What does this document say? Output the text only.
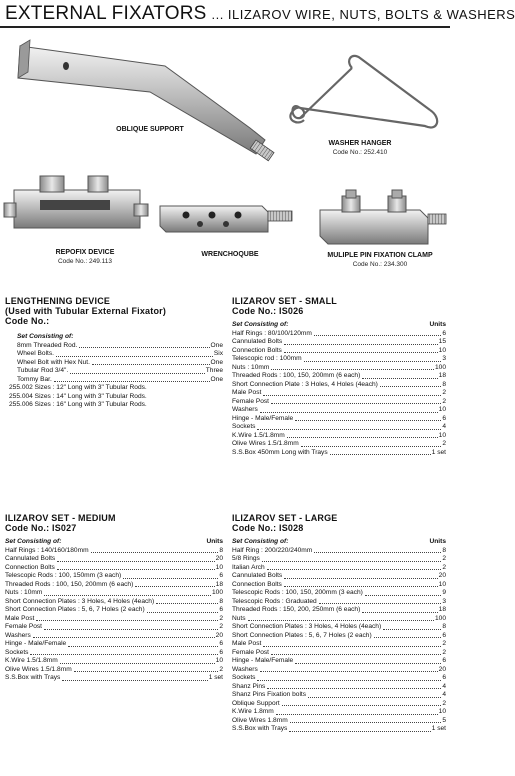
EXTERNAL FIXATORS ... ILIZAROV WIRE, NUTS, BOLTS & WASHERS
OBLIQUE SUPPORT
WASHER HANGER
Code No.: 252.410
REPOFIX DEVICE
Code No.: 249.113
WRENCHOQUBE	MULIPLE PIN FIXATION CLAMP
Code No.: 234.300
LENGTHENING DEVICE
(Used with Tubular External Fixator)
Code No.:
Set Consisting of:
8mm Threaded Rod.	One
Wheel Bolts.	Six
Wheel Bolt with Hex Nut.	One
Tubular Rod 3/4".	Three
Tommy Bar.	One
255.002 Sizes : 12" Long with 3" Tubular Rods.
255.004 Sizes : 14" Long with 3" Tubular Rods.
255.006 Sizes : 16" Long with 3" Tubular Rods.
ILIZAROV SET - SMALL
Code No.: IS026
Set Consisting of:	Units
Half Rings : 80/100/120mm	6
Cannulated Bolts	15
Connection Bolts	10
Telescopic rod : 100mm	3
Nuts : 10mm	100
Threaded Rods : 100, 150, 200mm (6 each)	18
Short Connection Plate : 3 Holes, 4 Holes (4each)	8
Male Post	2
Female Post	2
Washers	10
Hinge - Male/Female	6
Sockets	4
K.Wire 1.5/1.8mm	10
Olive Wires 1.5/1.8mm	2
S.S.Box 450mm Long with Trays	1 set
ILIZAROV SET - MEDIUM
Code No.: IS027
Set Consisting of:	Units
Half Rings : 140/160/180mm	8
Cannulated Bolts	20
Connection Bolts	10
Telescopic Rods : 100, 150mm (3 each)	6
Threaded Rods : 100, 150, 200mm (6 each)	18
Nuts : 10mm	100
Short Connection Plates : 3 Holes, 4 Holes (4each)	8
Short Connection Plates : 5, 6, 7 Holes (2 each)	6
Male Post	2
Female Post	2
Washers	20
Hinge - Male/Female	6
Sockets	6
K.Wire 1.5/1.8mm	10
Olive Wires 1.5/1.8mm	2
S.S.Box with Trays	1 set
ILIZAROV SET - LARGE
Code No.: IS028
Set Consisting of:	Units
Half Ring : 200/220/240mm	8
5/8 Rings	2
Italian Arch	2
Cannulated Bolts	20
Connection Bolts	10
Telescopic Rods : 100, 150, 200mm (3 each)	9
Telescopic Rods : Graduated	3
Threaded Rods : 150, 200, 250mm (6 each)	18
Nuts	100
Short Connection Plates : 3 Holes, 4 Holes (4each)	8
Short Connection Plates : 5, 6, 7 Holes (2 each)	6
Male Post	2
Female Post	2
Hinge - Male/Female	6
Washers	20
Sockets	6
Shanz Pins	4
Shanz Pins Fixation bolts	4
Oblique Support	2
K.Wire 1.8mm	10
Olive Wires 1.8mm	5
S.S.Box with Trays	1 set
